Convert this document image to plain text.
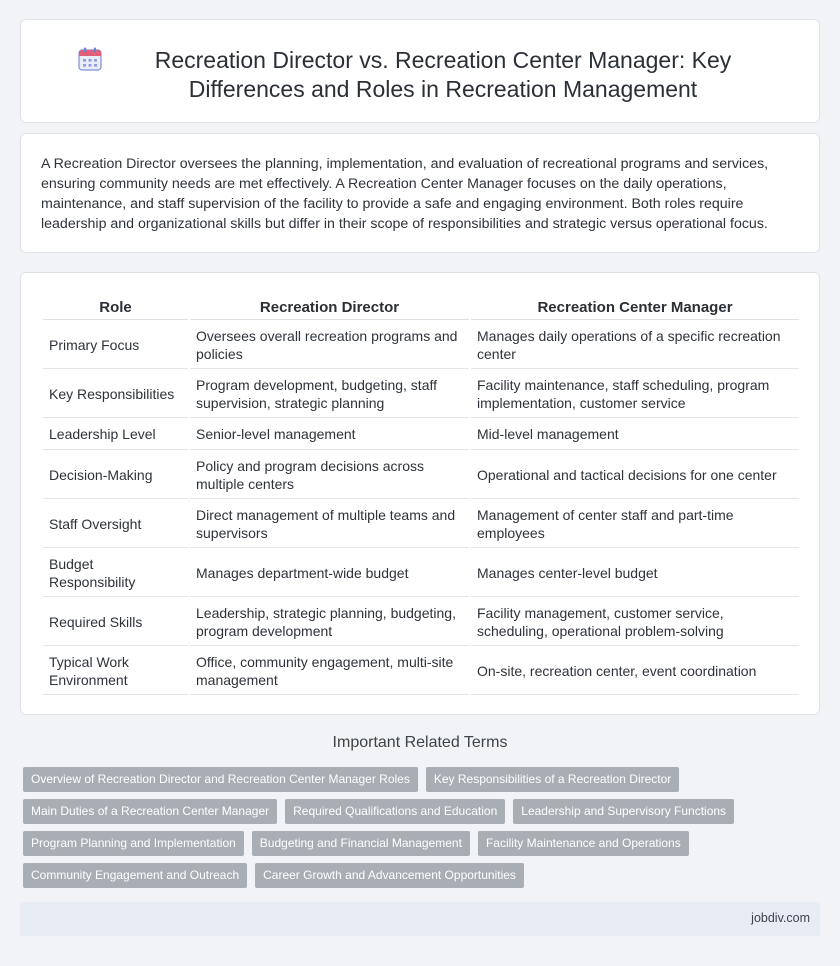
Recreation Director vs. Recreation Center Manager: Key Differences and Roles in Recreation Management

A Recreation Director oversees the planning, implementation, and evaluation of recreational programs and services, ensuring community needs are met effectively. A Recreation Center Manager focuses on the daily operations, maintenance, and staff supervision of the facility to provide a safe and engaging environment. Both roles require leadership and organizational skills but differ in their scope of responsibilities and strategic versus operational focus.

Role	Recreation Director	Recreation Center Manager
Primary Focus	Oversees overall recreation programs and policies	Manages daily operations of a specific recreation center
Key Responsibilities	Program development, budgeting, staff supervision, strategic planning	Facility maintenance, staff scheduling, program implementation, customer service
Leadership Level	Senior-level management	Mid-level management
Decision-Making	Policy and program decisions across multiple centers	Operational and tactical decisions for one center
Staff Oversight	Direct management of multiple teams and supervisors	Management of center staff and part-time employees
Budget Responsibility	Manages department-wide budget	Manages center-level budget
Required Skills	Leadership, strategic planning, budgeting, program development	Facility management, customer service, scheduling, operational problem-solving
Typical Work Environment	Office, community engagement, multi-site management	On-site, recreation center, event coordination
Important Related Terms
Overview of Recreation Director and Recreation Center Manager Roles	Key Responsibilities of a Recreation Director
Main Duties of a Recreation Center Manager	Required Qualifications and Education	Leadership and Supervisory Functions
Program Planning and Implementation	Budgeting and Financial Management	Facility Maintenance and Operations
Community Engagement and Outreach	Career Growth and Advancement Opportunities
jobdiv.com
